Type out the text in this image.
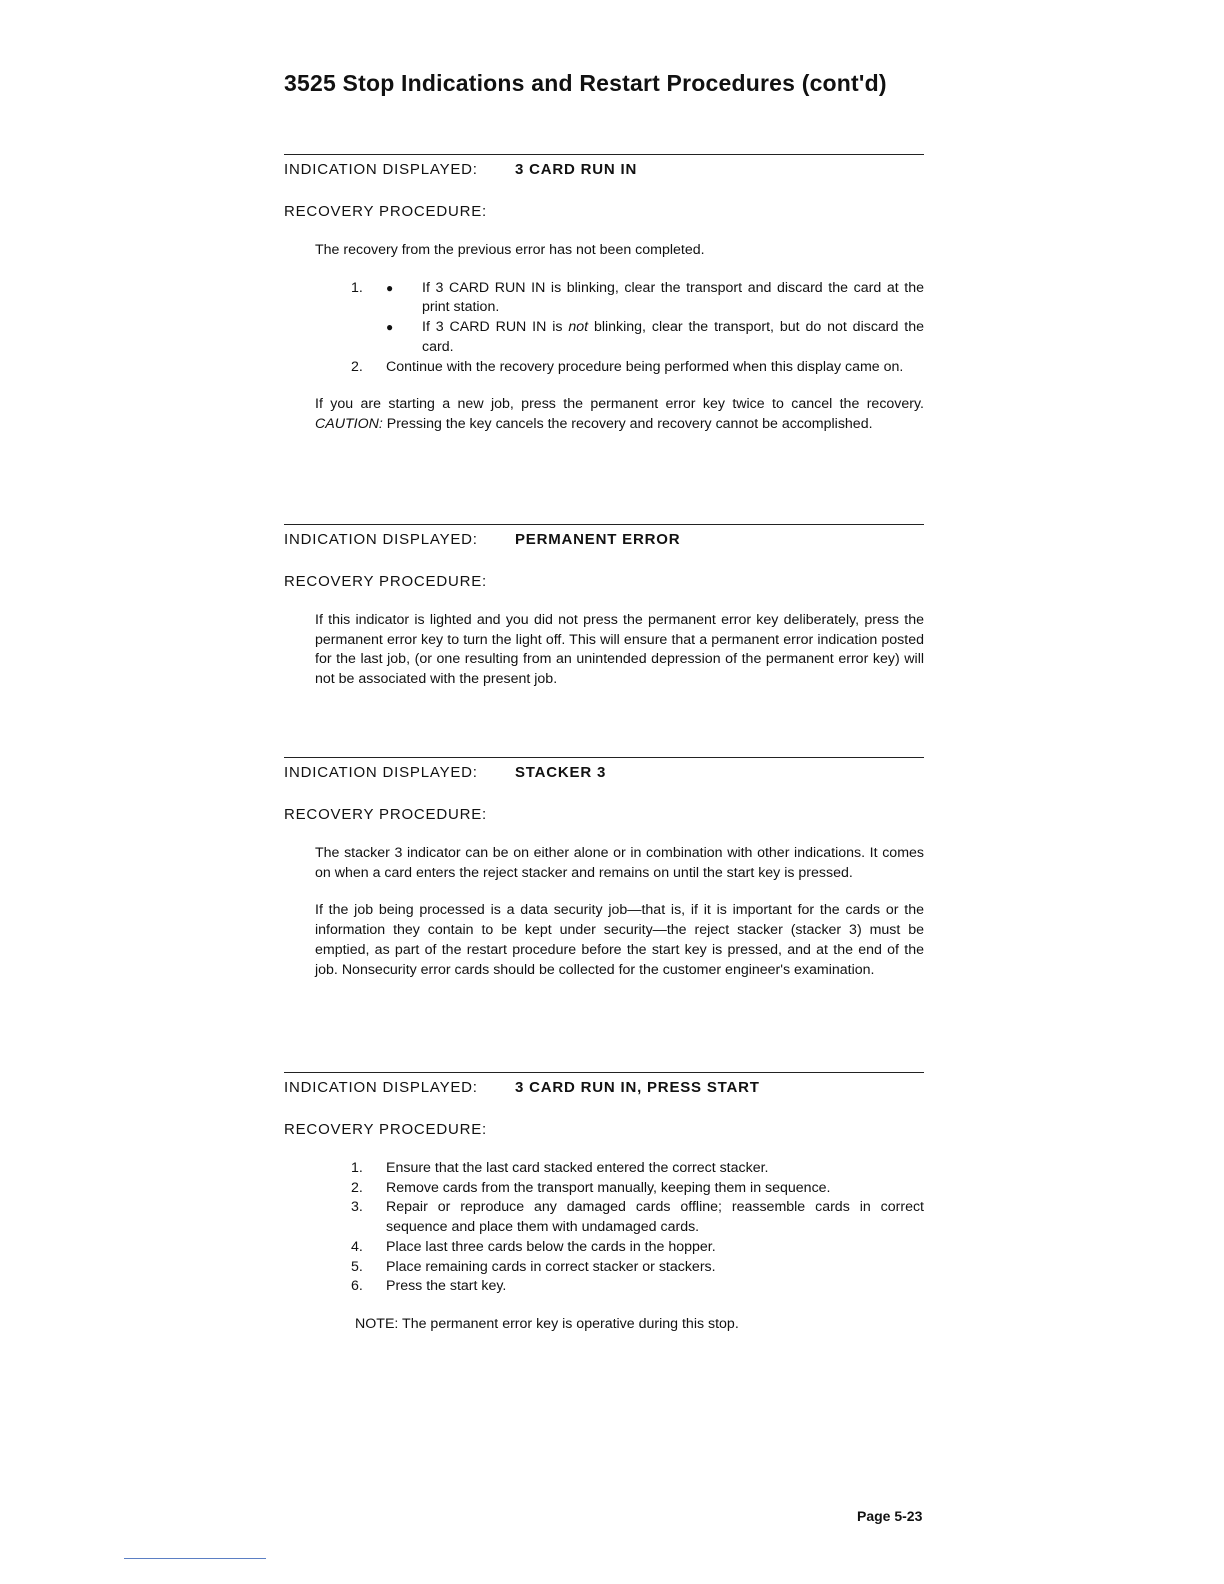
3525 Stop Indications and Restart Procedures (cont'd)
INDICATION DISPLAYED: 3 CARD RUN IN
RECOVERY PROCEDURE:

The recovery from the previous error has not been completed.

1.	●	If 3 CARD RUN IN is blinking, clear the transport and discard the card at the print station.
●	If 3 CARD RUN IN is not blinking, clear the transport, but do not discard the card.
2.	Continue with the recovery procedure being performed when this display came on.

If you are starting a new job, press the permanent error key twice to cancel the recovery. CAUTION: Pressing the key cancels the recovery and recovery cannot be accomplished.

INDICATION DISPLAYED: PERMANENT ERROR
RECOVERY PROCEDURE:

If this indicator is lighted and you did not press the permanent error key deliberately, press the permanent error key to turn the light off. This will ensure that a permanent error indication posted for the last job, (or one resulting from an unintended depression of the permanent error key) will not be associated with the present job.

INDICATION DISPLAYED: STACKER 3
RECOVERY PROCEDURE:

The stacker 3 indicator can be on either alone or in combination with other indications. It comes on when a card enters the reject stacker and remains on until the start key is pressed.

If the job being processed is a data security job—that is, if it is important for the cards or the information they contain to be kept under security—the reject stacker (stacker 3) must be emptied, as part of the restart procedure before the start key is pressed, and at the end of the job. Nonsecurity error cards should be collected for the customer engineer's examination.

INDICATION DISPLAYED: 3 CARD RUN IN, PRESS START
RECOVERY PROCEDURE:
1.	Ensure that the last card stacked entered the correct stacker.
2.	Remove cards from the transport manually, keeping them in sequence.
3.	Repair or reproduce any damaged cards offline; reassemble cards in correct sequence and place them with undamaged cards.
4.	Place last three cards below the cards in the hopper.
5.	Place remaining cards in correct stacker or stackers.
6.	Press the start key.

NOTE: The permanent error key is operative during this stop.

Page 5-23
